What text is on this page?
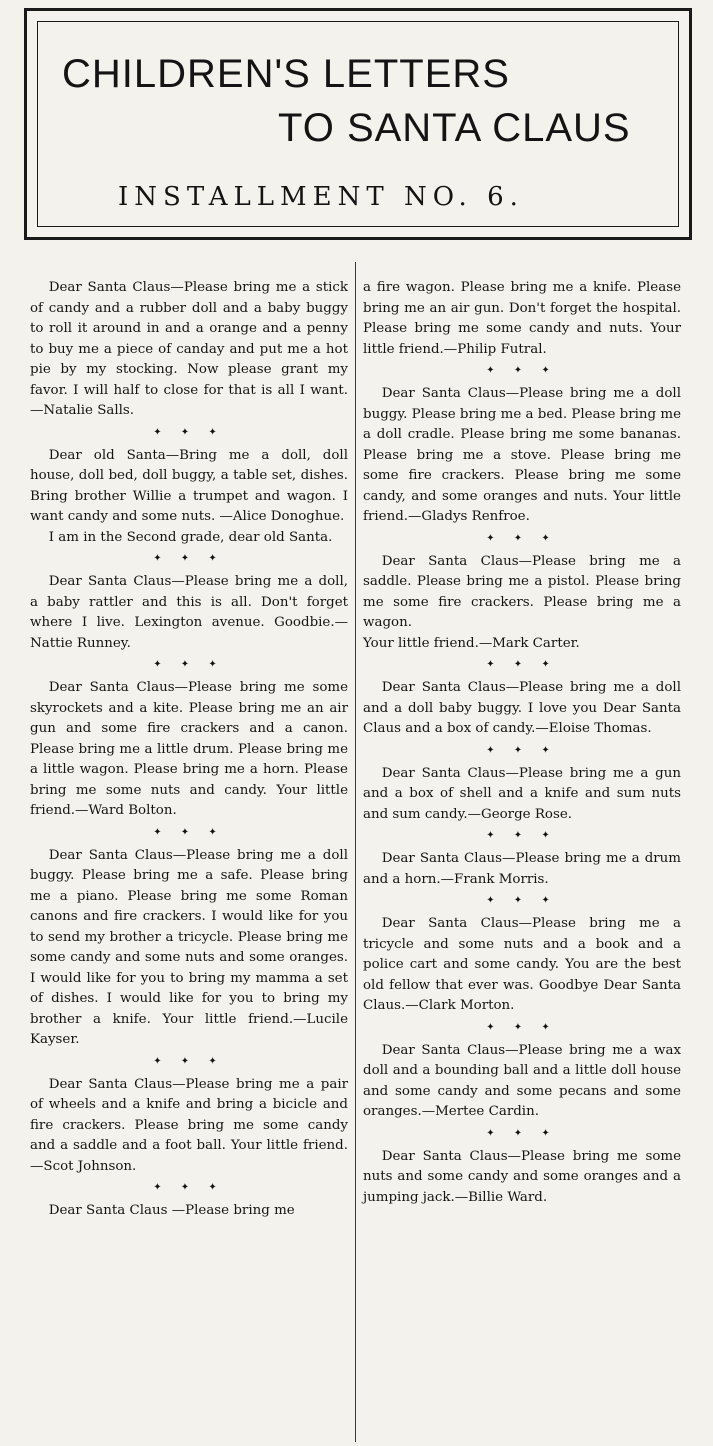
CHILDREN'S LETTERS
TO SANTA CLAUS
INSTALLMENT NO. 6.

Dear Santa Claus—Please bring me a stick of candy and a rubber doll and a baby buggy to roll it around in and a orange and a penny to buy me a piece of canday and put me a hot pie by my stocking. Now please grant my favor. I will half to close for that is all I want.—Natalie Salls.

✦ ✦ ✦

Dear old Santa—Bring me a doll, doll house, doll bed, doll buggy, a table set, dishes. Bring brother Willie a trumpet and wagon. I want candy and some nuts. —Alice Donoghue.

I am in the Second grade, dear old Santa.

✦ ✦ ✦

Dear Santa Claus—Please bring me a doll, a baby rattler and this is all. Don't forget where I live. Lexington avenue. Goodbie.—Nattie Runney.

✦ ✦ ✦

Dear Santa Claus—Please bring me some skyrockets and a kite. Please bring me an air gun and some fire crackers and a canon. Please bring me a little drum. Please bring me a little wagon. Please bring me a horn. Please bring me some nuts and candy. Your little friend.—Ward Bolton.

✦ ✦ ✦

Dear Santa Claus—Please bring me a doll buggy. Please bring me a safe. Please bring me a piano. Please bring me some Roman canons and fire crackers. I would like for you to send my brother a tricycle. Please bring me some candy and some nuts and some oranges. I would like for you to bring my mamma a set of dishes. I would like for you to bring my brother a knife. Your little friend.—Lucile Kayser.

✦ ✦ ✦

Dear Santa Claus—Please bring me a pair of wheels and a knife and bring a bicicle and fire crackers. Please bring me some candy and a saddle and a foot ball. Your little friend.—Scot Johnson.

✦ ✦ ✦

Dear Santa Claus —Please bring me

a fire wagon. Please bring me a knife. Please bring me an air gun. Don't forget the hospital. Please bring me some candy and nuts. Your little friend.—Philip Futral.

✦ ✦ ✦

Dear Santa Claus—Please bring me a doll buggy. Please bring me a bed. Please bring me a doll cradle. Please bring me some bananas. Please bring me a stove. Please bring me some fire crackers. Please bring me some candy, and some oranges and nuts. Your little friend.—Gladys Renfroe.

✦ ✦ ✦

Dear Santa Claus—Please bring me a saddle. Please bring me a pistol. Please bring me some fire crackers. Please bring me a wagon.

Your little friend.—Mark Carter.

✦ ✦ ✦

Dear Santa Claus—Please bring me a doll and a doll baby buggy. I love you Dear Santa Claus and a box of candy.—Eloise Thomas.

✦ ✦ ✦

Dear Santa Claus—Please bring me a gun and a box of shell and a knife and sum nuts and sum candy.—George Rose.

✦ ✦ ✦

Dear Santa Claus—Please bring me a drum and a horn.—Frank Morris.

✦ ✦ ✦

Dear Santa Claus—Please bring me a tricycle and some nuts and a book and a police cart and some candy. You are the best old fellow that ever was. Goodbye Dear Santa Claus.—Clark Morton.

✦ ✦ ✦

Dear Santa Claus—Please bring me a wax doll and a bounding ball and a little doll house and some candy and some pecans and some oranges.—Mertee Cardin.

✦ ✦ ✦

Dear Santa Claus—Please bring me some nuts and some candy and some oranges and a jumping jack.—Billie Ward.
